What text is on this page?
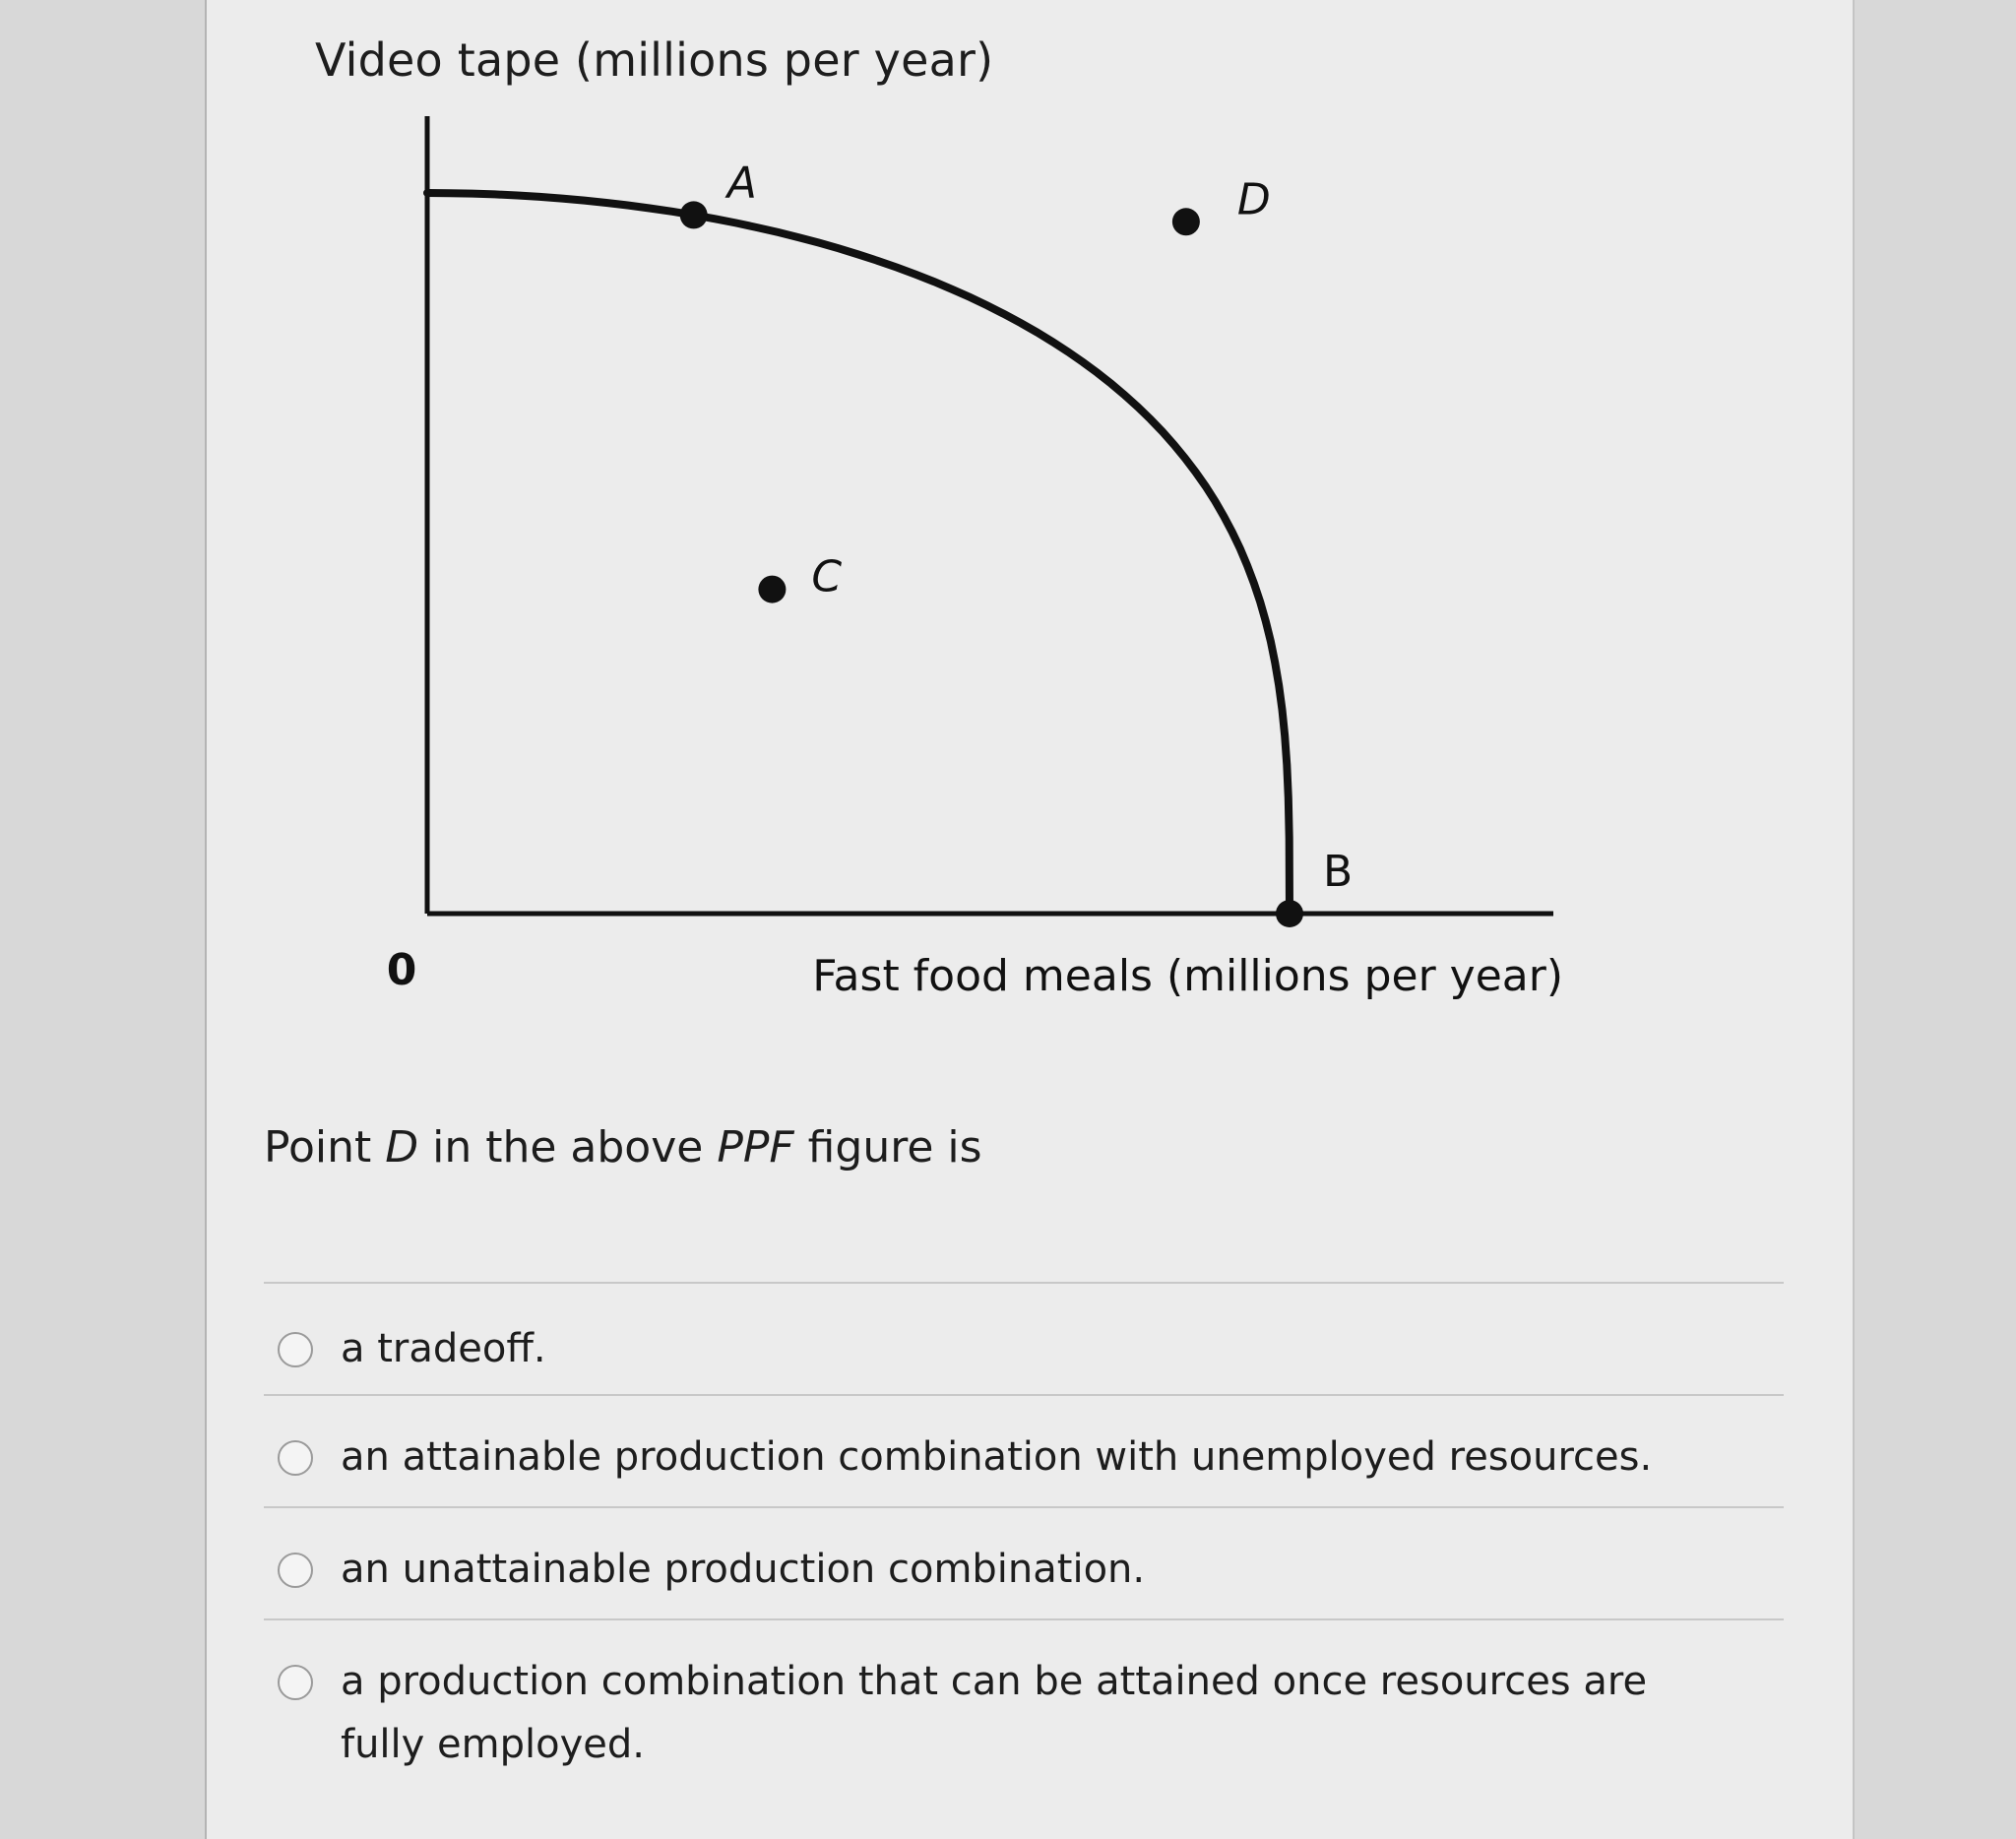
Video tape (millions per year)
A
B
C
D
0	Fast food meals (millions per year)
Point D in the above PPF figure is
a tradeoff.
an attainable production combination with unemployed resources.
an unattainable production combination.
a production combination that can be attained once resources are fully employed.
